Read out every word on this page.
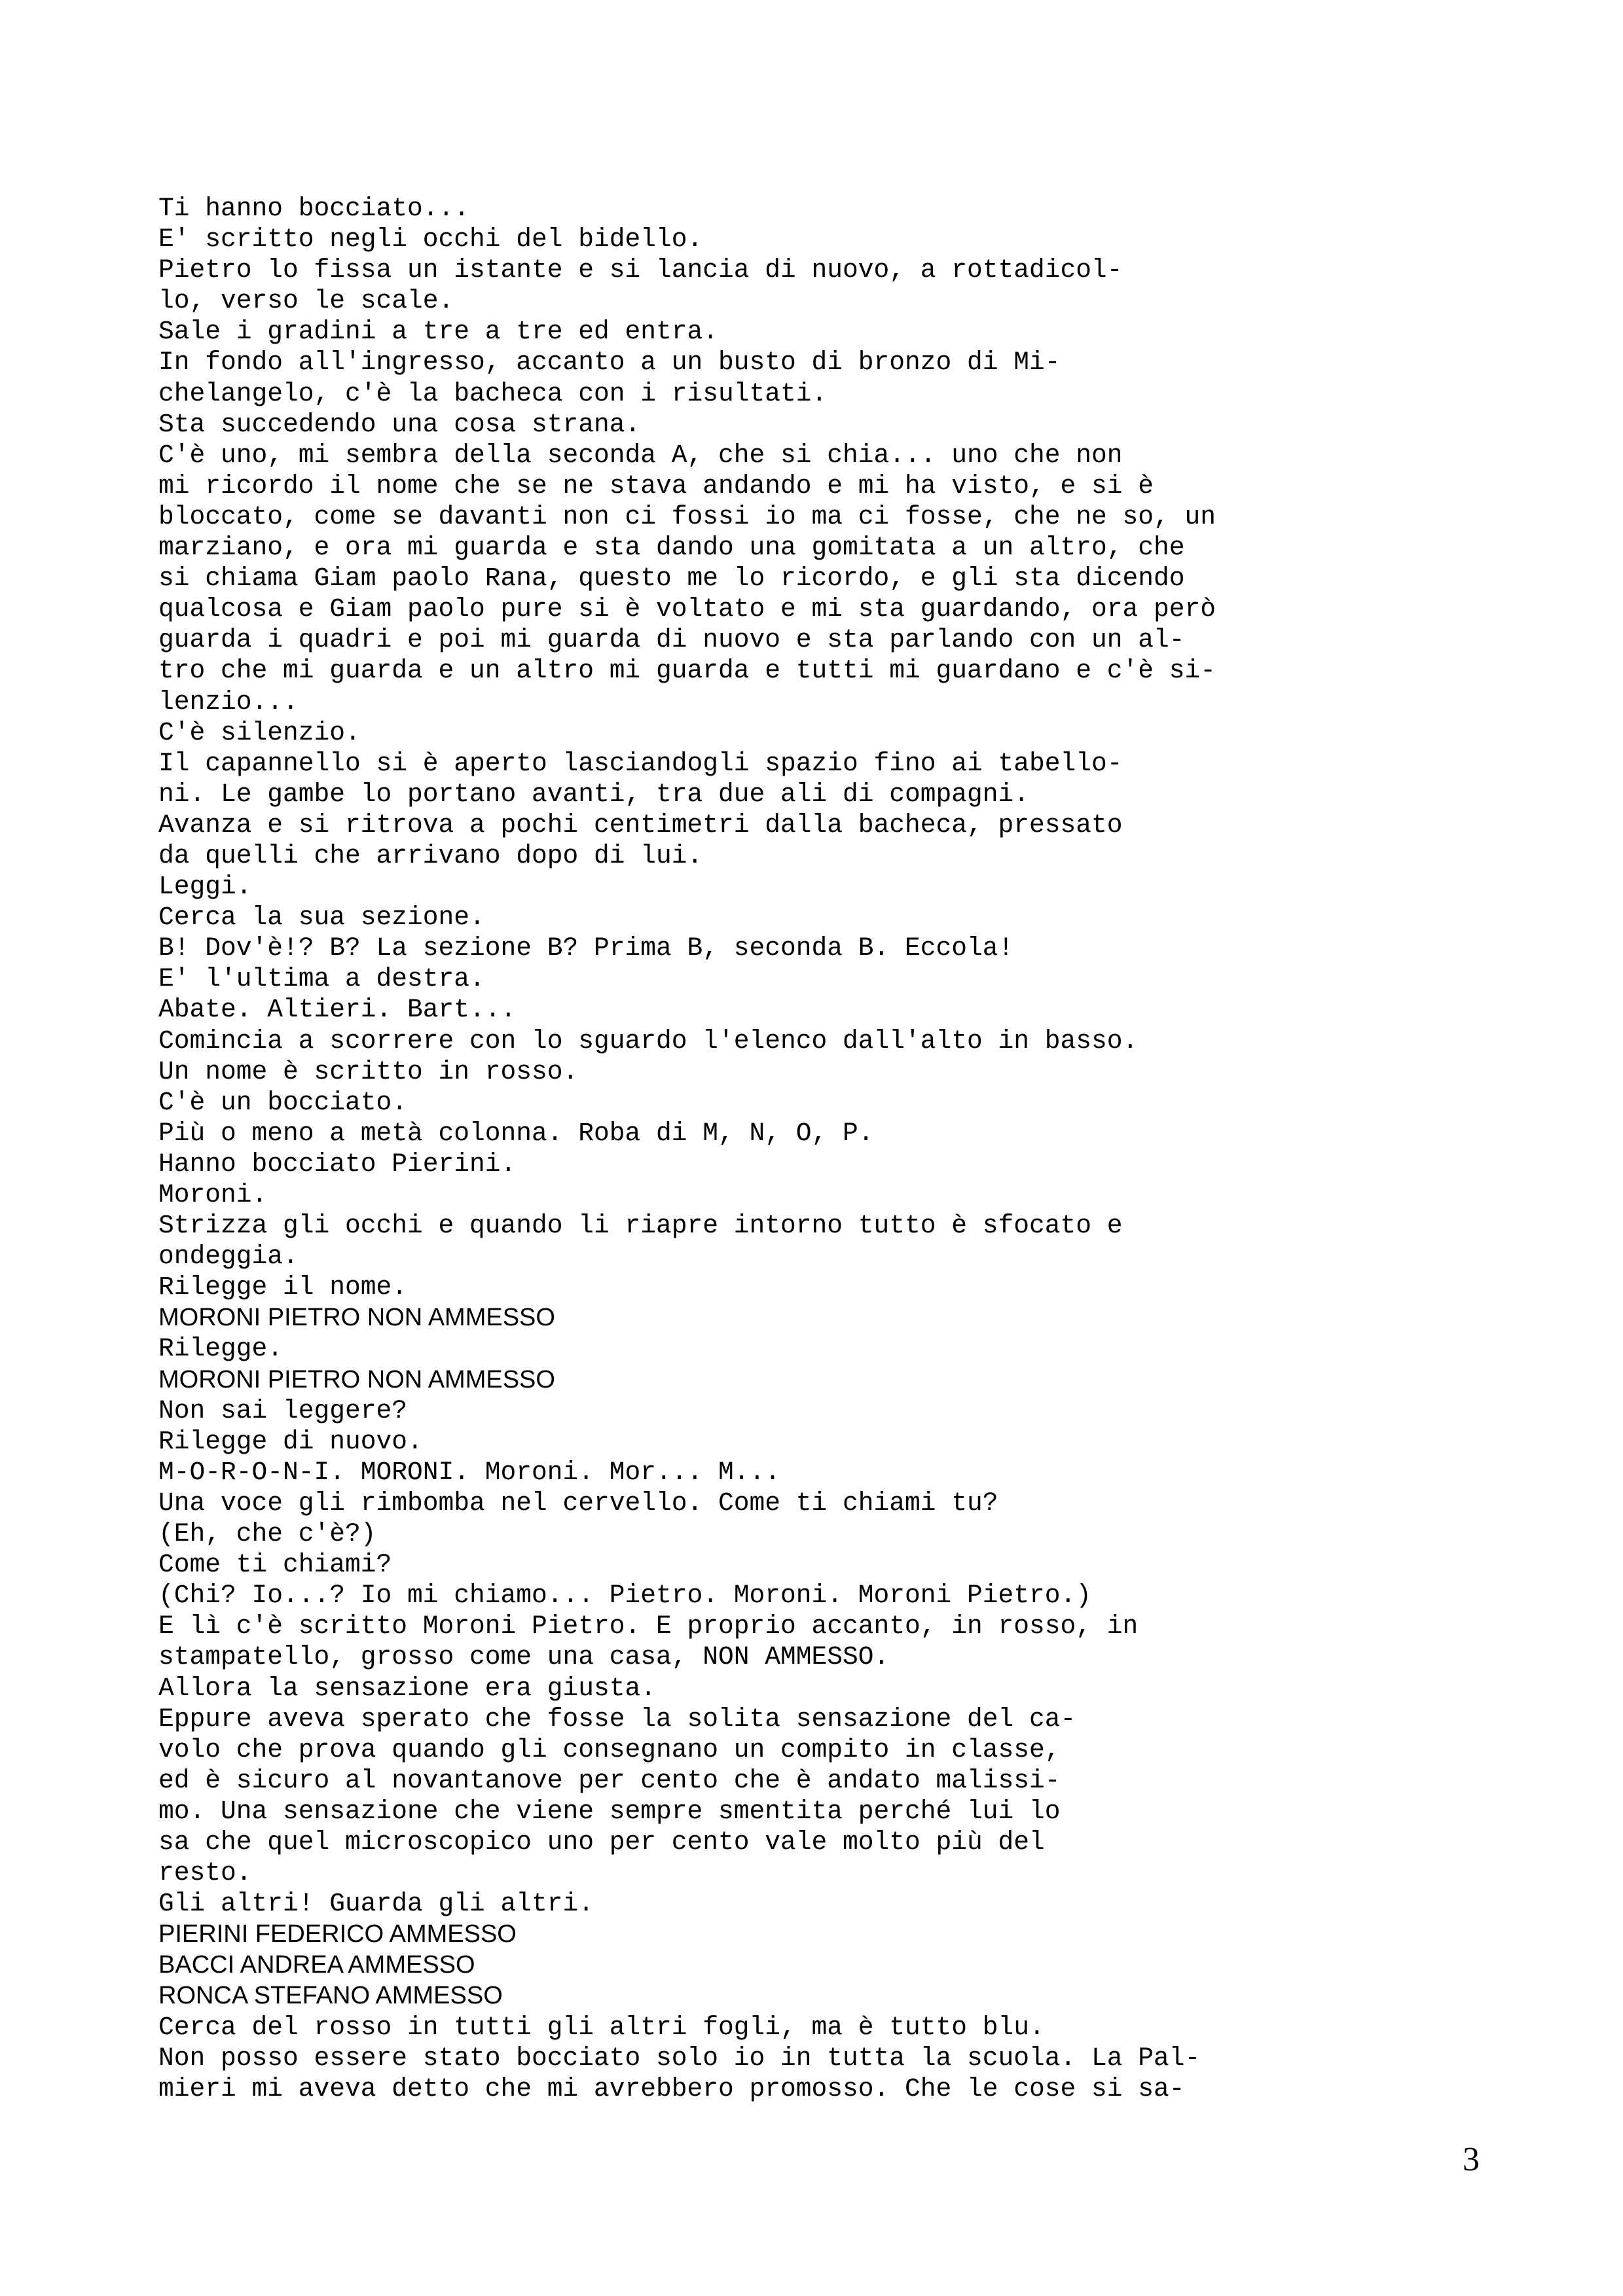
Ti hanno bocciato...
E' scritto negli occhi del bidello.
Pietro lo fissa un istante e si lancia di nuovo, a rottadicol-
lo, verso le scale.
Sale i gradini a tre a tre ed entra.
In fondo all'ingresso, accanto a un busto di bronzo di Mi-
chelangelo, c'è la bacheca con i risultati.
Sta succedendo una cosa strana.
C'è uno, mi sembra della seconda A, che si chia... uno che non
mi ricordo il nome che se ne stava andando e mi ha visto, e si è
bloccato, come se davanti non ci fossi io ma ci fosse, che ne so, un
marziano, e ora mi guarda e sta dando una gomitata a un altro, che
si chiama Giam paolo Rana, questo me lo ricordo, e gli sta dicendo
qualcosa e Giam paolo pure si è voltato e mi sta guardando, ora però
guarda i quadri e poi mi guarda di nuovo e sta parlando con un al-
tro che mi guarda e un altro mi guarda e tutti mi guardano e c'è si-
lenzio...
C'è silenzio.
Il capannello si è aperto lasciandogli spazio fino ai tabello-
ni. Le gambe lo portano avanti, tra due ali di compagni.
Avanza e si ritrova a pochi centimetri dalla bacheca, pressato
da quelli che arrivano dopo di lui.
Leggi.
Cerca la sua sezione.
B! Dov'è!? B? La sezione B? Prima B, seconda B. Eccola!
E' l'ultima a destra.
Abate. Altieri. Bart...
Comincia a scorrere con lo sguardo l'elenco dall'alto in basso.
Un nome è scritto in rosso.
C'è un bocciato.
Più o meno a metà colonna. Roba di M, N, O, P.
Hanno bocciato Pierini.
Moroni.
Strizza gli occhi e quando li riapre intorno tutto è sfocato e
ondeggia.
Rilegge il nome.
MORONI PIETRO NON AMMESSO
Rilegge.
MORONI PIETRO NON AMMESSO
Non sai leggere?
Rilegge di nuovo.
M-O-R-O-N-I. MORONI. Moroni. Mor... M...
Una voce gli rimbomba nel cervello. Come ti chiami tu?
(Eh, che c'è?)
Come ti chiami?
(Chi? Io...? Io mi chiamo... Pietro. Moroni. Moroni Pietro.)
E lì c'è scritto Moroni Pietro. E proprio accanto, in rosso, in
stampatello, grosso come una casa, NON AMMESSO.
Allora la sensazione era giusta.
Eppure aveva sperato che fosse la solita sensazione del ca-
volo che prova quando gli consegnano un compito in classe,
ed è sicuro al novantanove per cento che è andato malissi-
mo. Una sensazione che viene sempre smentita perché lui lo
sa che quel microscopico uno per cento vale molto più del
resto.
Gli altri! Guarda gli altri.
PIERINI FEDERICO AMMESSO
BACCI ANDREA AMMESSO
RONCA STEFANO AMMESSO
Cerca del rosso in tutti gli altri fogli, ma è tutto blu.
Non posso essere stato bocciato solo io in tutta la scuola. La Pal-
mieri mi aveva detto che mi avrebbero promosso. Che le cose si sa-
3
